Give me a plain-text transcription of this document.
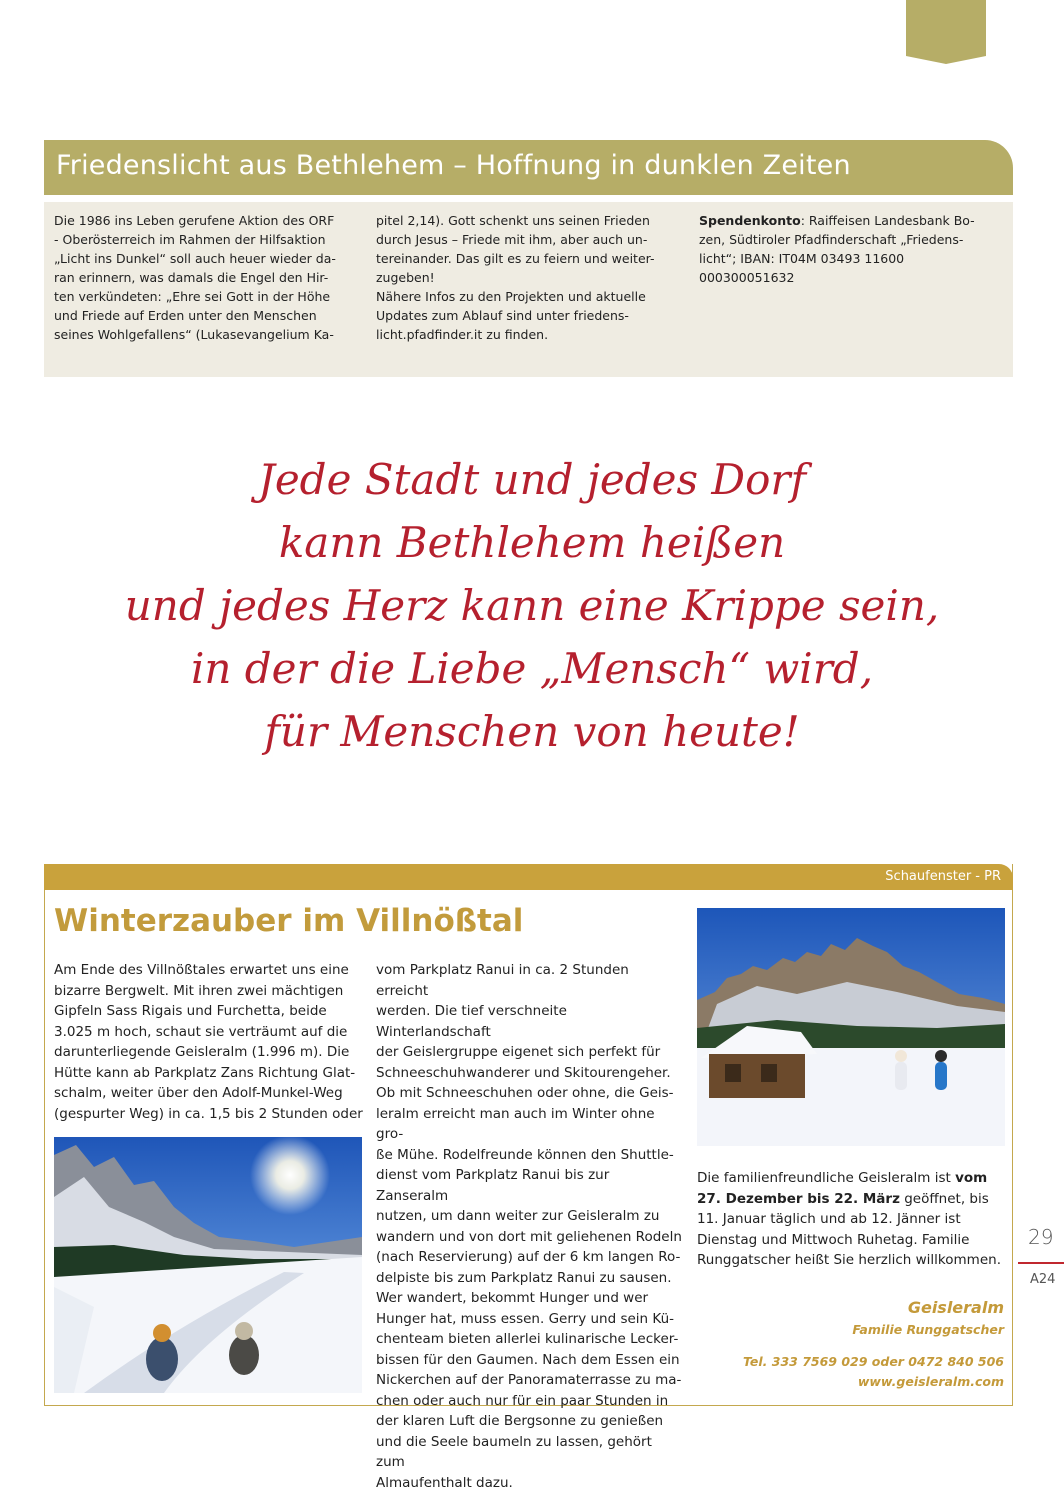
Friedenslicht aus Bethlehem – Hoffnung in dunklen Zeiten

Die 1986 ins Leben gerufene Aktion des ORF

- Oberösterreich im Rahmen der Hilfsaktion

„Licht ins Dunkel“ soll auch heuer wieder da-

ran erinnern, was damals die Engel den Hir-

ten verkündeten: „Ehre sei Gott in der Höhe

und Friede auf Erden unter den Menschen

seines Wohlgefallens“ (Lukasevangelium Ka-

pitel 2,14). Gott schenkt uns seinen Frieden

durch Jesus – Friede mit ihm, aber auch un-

tereinander. Das gilt es zu feiern und weiter-

zugeben!

Nähere Infos zu den Projekten und aktuelle

Updates zum Ablauf sind unter friedens-

licht.pfadfinder.it zu finden.

Spendenkonto: Raiffeisen Landesbank Bo-

zen, Südtiroler Pfadfinderschaft „Friedens-

licht“; IBAN: IT04M 03493 11600

000300051632

Jede Stadt und jedes Dorf
kann Bethlehem heißen
und jedes Herz kann eine Krippe sein,
in der die Liebe „Mensch“ wird,
für Menschen von heute!
Schaufenster - PR
Winterzauber im Villnößtal

Am Ende des Villnößtales erwartet uns eine

bizarre Bergwelt. Mit ihren zwei mächtigen

Gipfeln Sass Rigais und Furchetta, beide

3.025 m hoch, schaut sie verträumt auf die

darunterliegende Geisleralm (1.996 m). Die

Hütte kann ab Parkplatz Zans Richtung Glat-

schalm, weiter über den Adolf-Munkel-Weg

(gespurter Weg) in ca. 1,5 bis 2 Stunden oder

vom Parkplatz Ranui in ca. 2 Stunden erreicht

werden. Die tief verschneite Winterlandschaft

der Geislergruppe eigenet sich perfekt für

Schneeschuhwanderer und Skitourengeher.

Ob mit Schneeschuhen oder ohne, die Geis-

leralm erreicht man auch im Winter ohne gro-

ße Mühe. Rodelfreunde können den Shuttle-

dienst vom Parkplatz Ranui bis zur Zanseralm

nutzen, um dann weiter zur Geisleralm zu

wandern und von dort mit geliehenen Rodeln

(nach Reservierung) auf der 6 km langen Ro-

delpiste bis zum Parkplatz Ranui zu sausen.

Wer wandert, bekommt Hunger und wer

Hunger hat, muss essen. Gerry und sein Kü-

chenteam bieten allerlei kulinarische Lecker-

bissen für den Gaumen. Nach dem Essen ein

Nickerchen auf der Panoramaterrasse zu ma-

chen oder auch nur für ein paar Stunden in

der klaren Luft die Bergsonne zu genießen

und die Seele baumeln zu lassen, gehört zum

Almaufenthalt dazu.

Die familienfreundliche Geisleralm ist vom 27. Dezember bis 22. März geöffnet, bis 11. Januar täglich und ab 12. Jänner ist Dienstag und Mittwoch Ruhetag. Familie Runggatscher heißt Sie herzlich willkommen.

Geisleralm
Familie Runggatscher
Tel. 333 7569 029 oder 0472 840 506
www.geisleralm.com
29
A24
